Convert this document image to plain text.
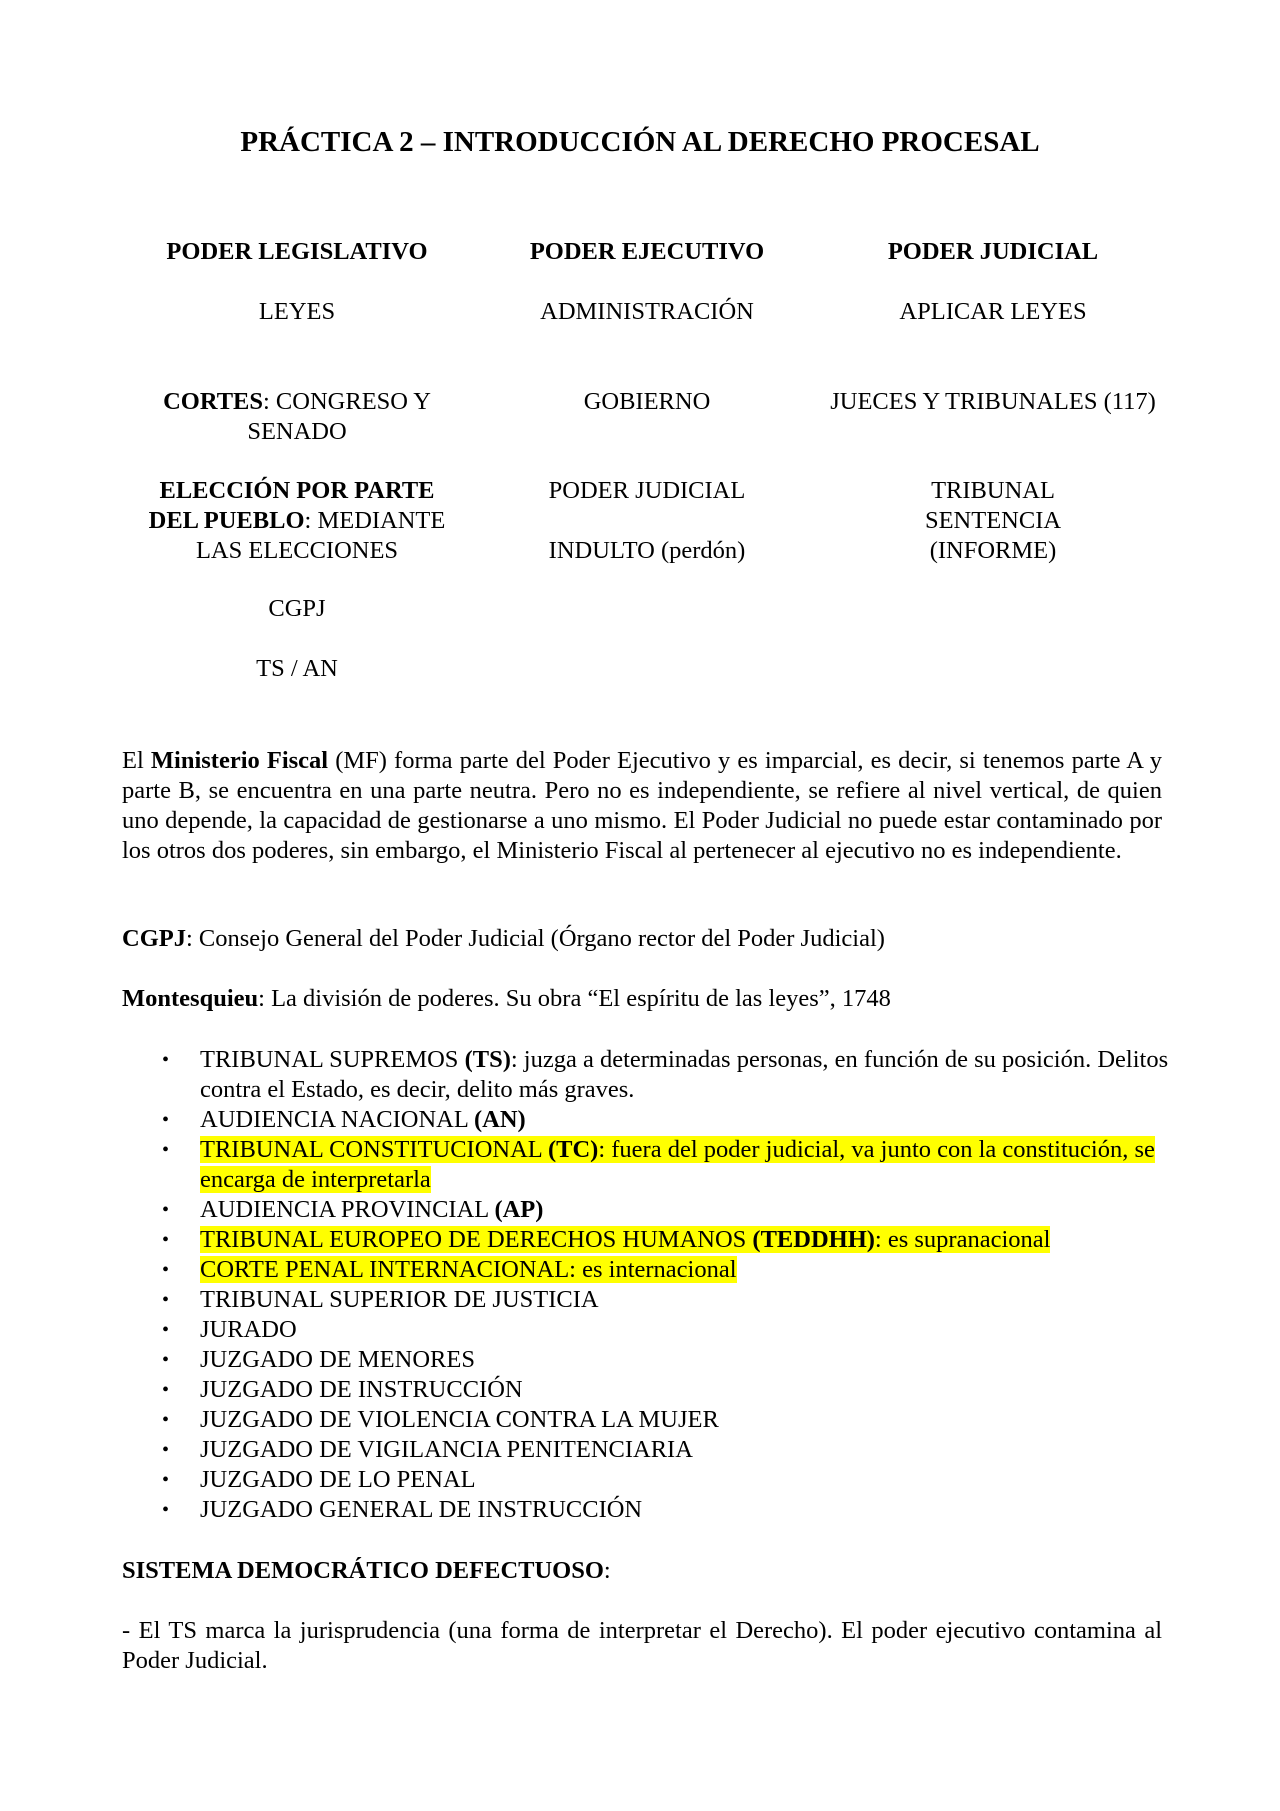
PRÁCTICA 2 – INTRODUCCIÓN AL DERECHO PROCESAL
PODER LEGISLATIVO
LEYES
CORTES: CONGRESO Y SENADO
ELECCIÓN POR PARTE DEL PUEBLO: MEDIANTE LAS ELECCIONES
CGPJ
TS / AN
PODER EJECUTIVO
ADMINISTRACIÓN
GOBIERNO
PODER JUDICIAL
INDULTO (perdón)
PODER JUDICIAL
APLICAR LEYES
JUECES Y TRIBUNALES (117)
TRIBUNAL SENTENCIA (INFORME)

El Ministerio Fiscal (MF) forma parte del Poder Ejecutivo y es imparcial, es decir, si tenemos parte A y parte B, se encuentra en una parte neutra. Pero no es independiente, se refiere al nivel vertical, de quien uno depende, la capacidad de gestionarse a uno mismo. El Poder Judicial no puede estar contaminado por los otros dos poderes, sin embargo, el Ministerio Fiscal al pertenecer al ejecutivo no es independiente.

CGPJ: Consejo General del Poder Judicial (Órgano rector del Poder Judicial)

Montesquieu: La división de poderes. Su obra “El espíritu de las leyes”, 1748

• TRIBUNAL SUPREMOS (TS): juzga a determinadas personas, en función de su posición. Delitos contra el Estado, es decir, delito más graves.
• AUDIENCIA NACIONAL (AN)
• TRIBUNAL CONSTITUCIONAL (TC): fuera del poder judicial, va junto con la constitución, se encarga de interpretarla
• AUDIENCIA PROVINCIAL (AP)
• TRIBUNAL EUROPEO DE DERECHOS HUMANOS (TEDDHH): es supranacional
• CORTE PENAL INTERNACIONAL: es internacional
• TRIBUNAL SUPERIOR DE JUSTICIA
• JURADO
• JUZGADO DE MENORES
• JUZGADO DE INSTRUCCIÓN
• JUZGADO DE VIOLENCIA CONTRA LA MUJER
• JUZGADO DE VIGILANCIA PENITENCIARIA
• JUZGADO DE LO PENAL
• JUZGADO GENERAL DE INSTRUCCIÓN

SISTEMA DEMOCRÁTICO DEFECTUOSO:

- El TS marca la jurisprudencia (una forma de interpretar el Derecho). El poder ejecutivo contamina al Poder Judicial.
